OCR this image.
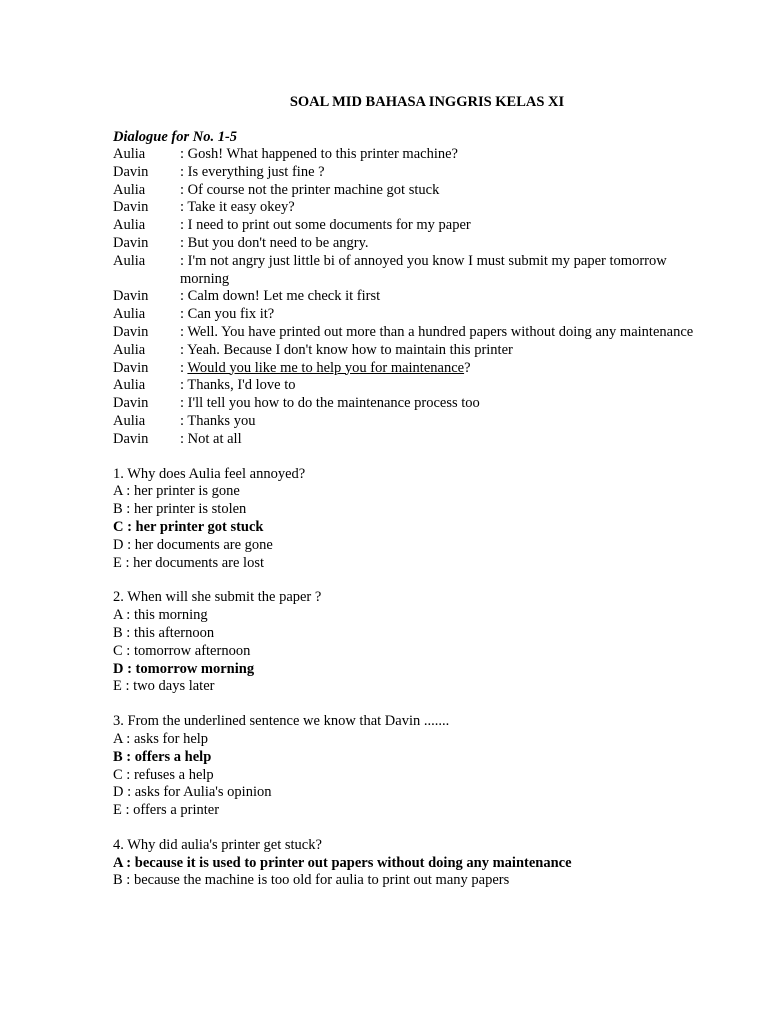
SOAL MID BAHASA INGGRIS KELAS XI
Dialogue for No. 1-5
Aulia	: Gosh! What happened to this printer machine?
Davin	: Is everything just fine ?
Aulia	: Of course not the printer machine got stuck
Davin	: Take it easy okey?
Aulia	: I need to print out some documents for my paper
Davin	: But you don't need to be angry.
Aulia	: I'm not angry just little bi of annoyed you know I must submit my paper tomorrow morning
Davin	: Calm down! Let me check it first
Aulia	: Can you fix it?
Davin	: Well. You have printed out more than a hundred papers without doing any maintenance
Aulia	: Yeah. Because I don't know how to maintain this printer
Davin	: Would you like me to help you for maintenance?
Aulia	: Thanks, I'd love to
Davin	: I'll tell you how to do the maintenance process too
Aulia	: Thanks you
Davin	: Not at all
1. Why does Aulia feel annoyed?
A : her printer is gone
B : her printer is stolen
C : her printer got stuck
D : her documents are gone
E : her documents are lost
2. When will she submit the paper ?
A : this morning
B : this afternoon
C : tomorrow afternoon
D : tomorrow morning
E : two days later
3. From the underlined sentence we know that Davin .......
A : asks for help
B : offers a help
C : refuses a help
D : asks for Aulia's opinion
E : offers a printer
4. Why did aulia's printer get stuck?
A : because it is used to printer out papers without doing any maintenance
B : because the machine is too old for aulia to print out many papers
